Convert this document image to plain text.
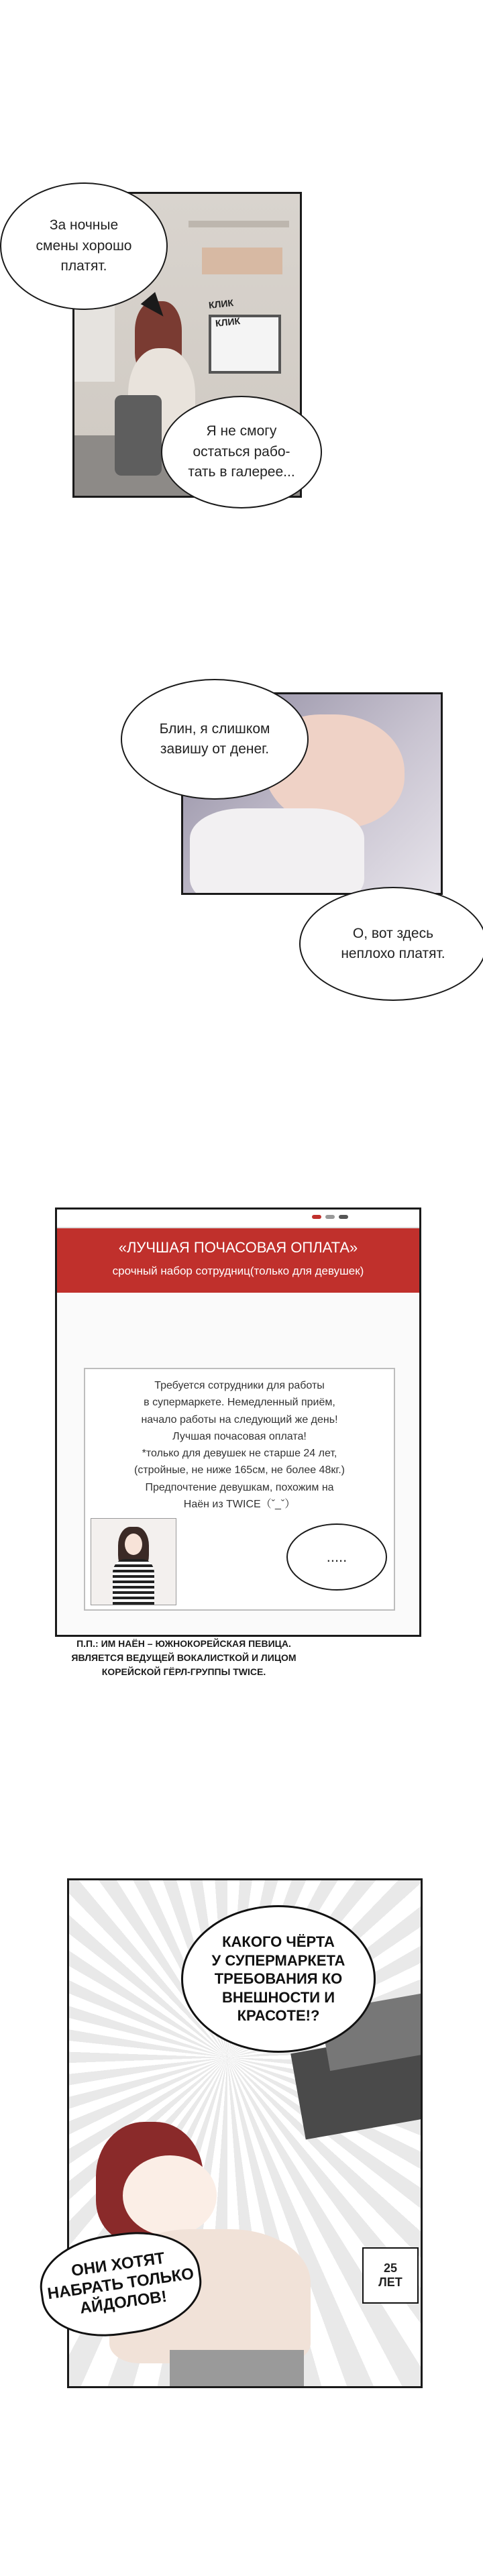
КЛИК
КЛИК
За ночные
смены хорошо
платят.
Я не смогу
остаться рабо-
тать в галерее...
Блин, я слишком
завишу от денег.
О, вот здесь
неплохо платят.
«ЛУЧШАЯ ПОЧАСОВАЯ ОПЛАТА»
срочный набор сотрудниц(только для девушек)
Требуется сотрудники для работы
в супермаркете. Немедленный приём,
начало работы на следующий же день!
Лучшая почасовая оплата!
*только для девушек не старше 24 лет,
(стройные, не ниже 165см, не более 48кг.)
Предпочтение девушкам, похожим на
Наён из TWICE（ˇ_ˇ）
.....
П.П.: ИМ НАЁН – ЮЖНОКОРЕЙСКАЯ ПЕВИЦА.
ЯВЛЯЕТСЯ ВЕДУЩЕЙ ВОКАЛИСТКОЙ И ЛИЦОМ
КОРЕЙСКОЙ ГЁРЛ-ГРУППЫ TWICE.
КАКОГО ЧЁРТА
У СУПЕРМАРКЕТА
ТРЕБОВАНИЯ КО
ВНЕШНОСТИ И
КРАСОТЕ!?
ОНИ ХОТЯТ
НАБРАТЬ ТОЛЬКО
АЙДОЛОВ!
25
ЛЕТ
